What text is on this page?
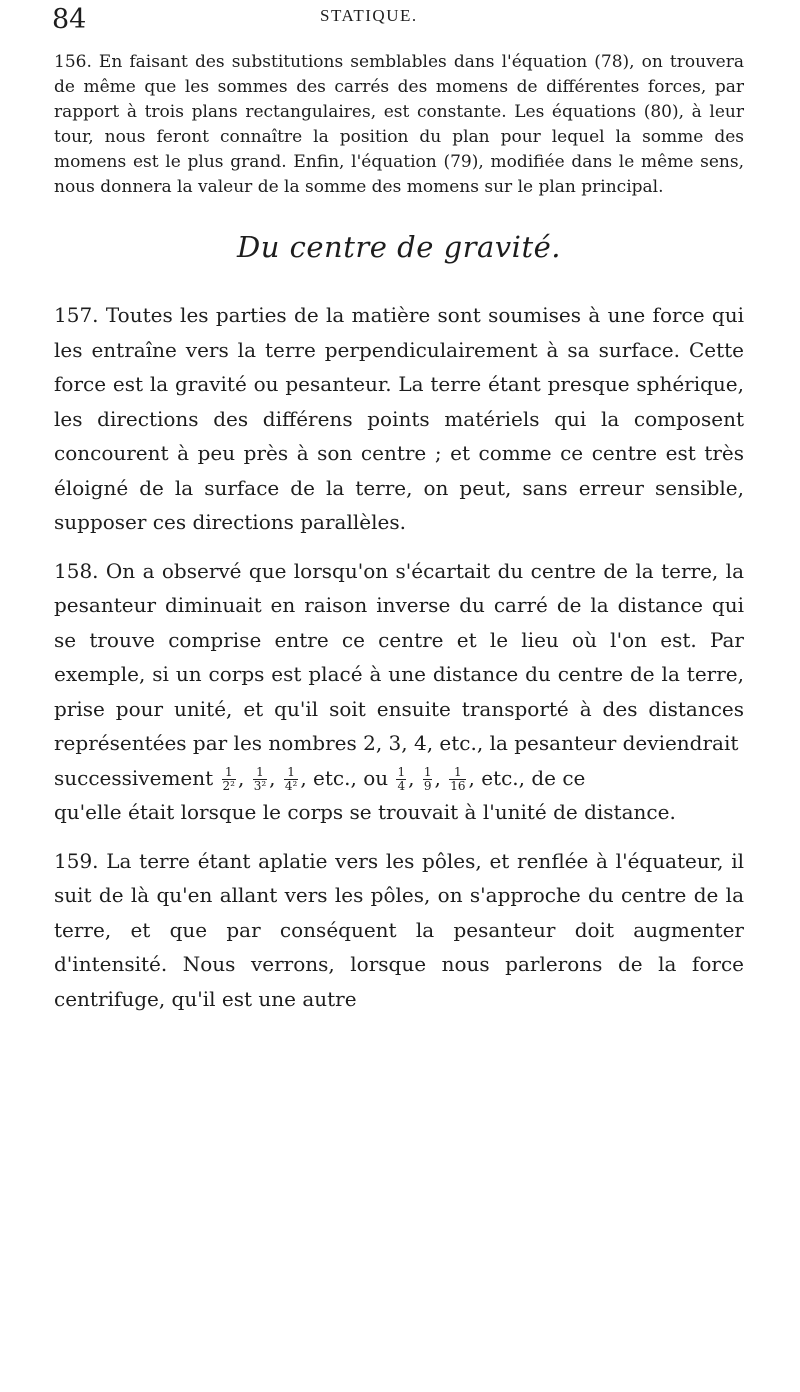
84	STATIQUE.

156. En faisant des substitutions semblables dans l'équation (78), on trouvera de même que les sommes des carrés des momens de différentes forces, par rapport à trois plans rectangulaires, est constante. Les équations (80), à leur tour, nous feront connaître la position du plan pour lequel la somme des momens est le plus grand. Enfin, l'équation (79), modifiée dans le même sens, nous donnera la valeur de la somme des momens sur le plan principal.

Du centre de gravité.

157. Toutes les parties de la matière sont soumises à une force qui les entraîne vers la terre perpendiculairement à sa surface. Cette force est la gravité ou pesanteur. La terre étant presque sphérique, les directions des différens points matériels qui la composent concourent à peu près à son centre ; et comme ce centre est très éloigné de la surface de la terre, on peut, sans erreur sensible, supposer ces directions parallèles.

158. On a observé que lorsqu'on s'écartait du centre de la terre, la pesanteur diminuait en raison inverse du carré de la distance qui se trouve comprise entre ce centre et le lieu où l'on est. Par exemple, si un corps est placé à une distance du centre de la terre, prise pour unité, et qu'il soit ensuite transporté à des distances représentées par les nombres 2, 3, 4, etc., la pesanteur deviendrait

successivement $\frac{1}{\text{2²}}$ , $\frac{1}{\text{3²}}$ , $\frac{1}{\text{4²}}$ , etc., ou $\frac{1}{4}$ , $\frac{1}{9}$ , $\frac{1}{16}$ , etc., de ce

qu'elle était lorsque le corps se trouvait à l'unité de distance.

159. La terre étant aplatie vers les pôles, et renflée à l'équateur, il suit de là qu'en allant vers les pôles, on s'approche du centre de la terre, et que par conséquent la pesanteur doit augmenter d'intensité. Nous verrons, lorsque nous parlerons de la force centrifuge, qu'il est une autre
